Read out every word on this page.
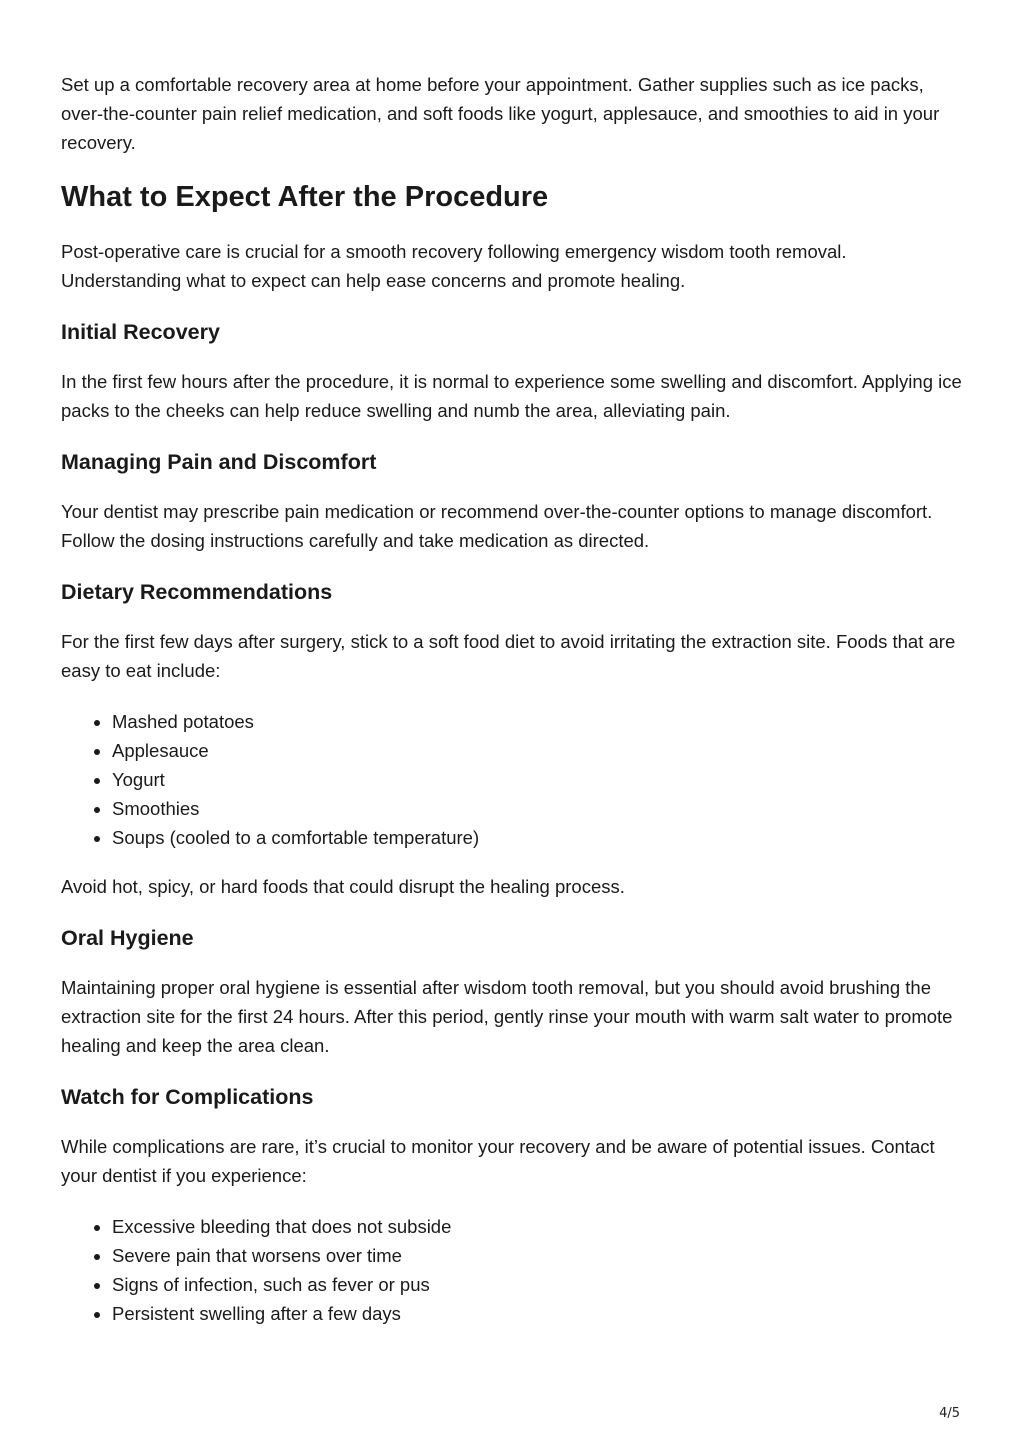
Set up a comfortable recovery area at home before your appointment. Gather supplies such as ice packs, over-the-counter pain relief medication, and soft foods like yogurt, applesauce, and smoothies to aid in your recovery.

What to Expect After the Procedure

Post-operative care is crucial for a smooth recovery following emergency wisdom tooth removal. Understanding what to expect can help ease concerns and promote healing.

Initial Recovery

In the first few hours after the procedure, it is normal to experience some swelling and discomfort. Applying ice packs to the cheeks can help reduce swelling and numb the area, alleviating pain.

Managing Pain and Discomfort

Your dentist may prescribe pain medication or recommend over-the-counter options to manage discomfort. Follow the dosing instructions carefully and take medication as directed.

Dietary Recommendations

For the first few days after surgery, stick to a soft food diet to avoid irritating the extraction site. Foods that are easy to eat include:

• Mashed potatoes
• Applesauce
• Yogurt
• Smoothies
• Soups (cooled to a comfortable temperature)

Avoid hot, spicy, or hard foods that could disrupt the healing process.

Oral Hygiene

Maintaining proper oral hygiene is essential after wisdom tooth removal, but you should avoid brushing the extraction site for the first 24 hours. After this period, gently rinse your mouth with warm salt water to promote healing and keep the area clean.

Watch for Complications

While complications are rare, it’s crucial to monitor your recovery and be aware of potential issues. Contact your dentist if you experience:

• Excessive bleeding that does not subside
• Severe pain that worsens over time
• Signs of infection, such as fever or pus
• Persistent swelling after a few days
4/5
